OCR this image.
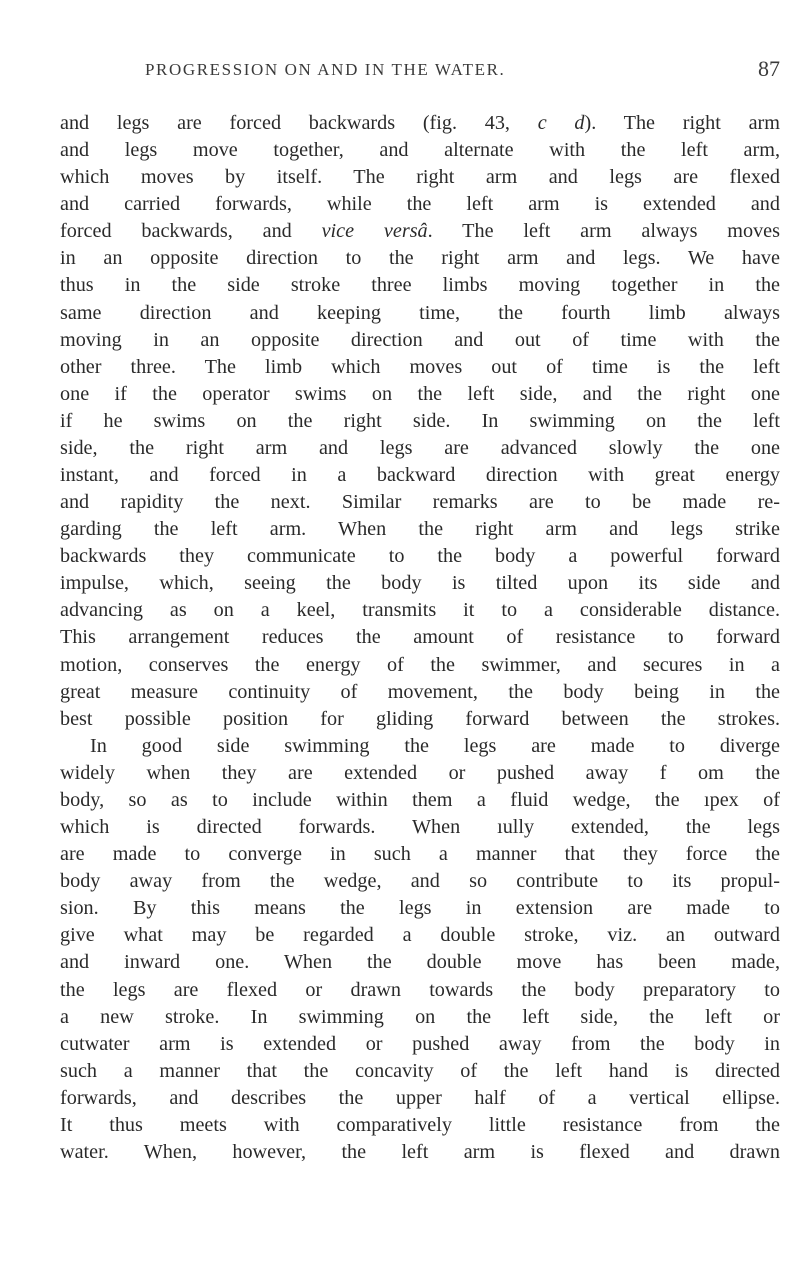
PROGRESSION ON AND IN THE WATER.	87
and legs are forced backwards (fig. 43, c d). The right arm
and legs move together, and alternate with the left arm,
which moves by itself. The right arm and legs are flexed
and carried forwards, while the left arm is extended and
forced backwards, and vice versâ. The left arm always moves
in an opposite direction to the right arm and legs. We have
thus in the side stroke three limbs moving together in the
same direction and keeping time, the fourth limb always
moving in an opposite direction and out of time with the
other three. The limb which moves out of time is the left
one if the operator swims on the left side, and the right one
if he swims on the right side. In swimming on the left
side, the right arm and legs are advanced slowly the one
instant, and forced in a backward direction with great energy
and rapidity the next. Similar remarks are to be made re-
garding the left arm. When the right arm and legs strike
backwards they communicate to the body a powerful forward
impulse, which, seeing the body is tilted upon its side and
advancing as on a keel, transmits it to a considerable distance.
This arrangement reduces the amount of resistance to forward
motion, conserves the energy of the swimmer, and secures in a
great measure continuity of movement, the body being in the
best possible position for gliding forward between the strokes.
In good side swimming the legs are made to diverge
widely when they are extended or pushed away f om the
body, so as to include within them a fluid wedge, the ıpex of
which is directed forwards. When ıully extended, the legs
are made to converge in such a manner that they force the
body away from the wedge, and so contribute to its propul-
sion. By this means the legs in extension are made to
give what may be regarded a double stroke, viz. an outward
and inward one. When the double move has been made,
the legs are flexed or drawn towards the body preparatory to
a new stroke. In swimming on the left side, the left or
cutwater arm is extended or pushed away from the body in
such a manner that the concavity of the left hand is directed
forwards, and describes the upper half of a vertical ellipse.
It thus meets with comparatively little resistance from the
water. When, however, the left arm is flexed and drawn
